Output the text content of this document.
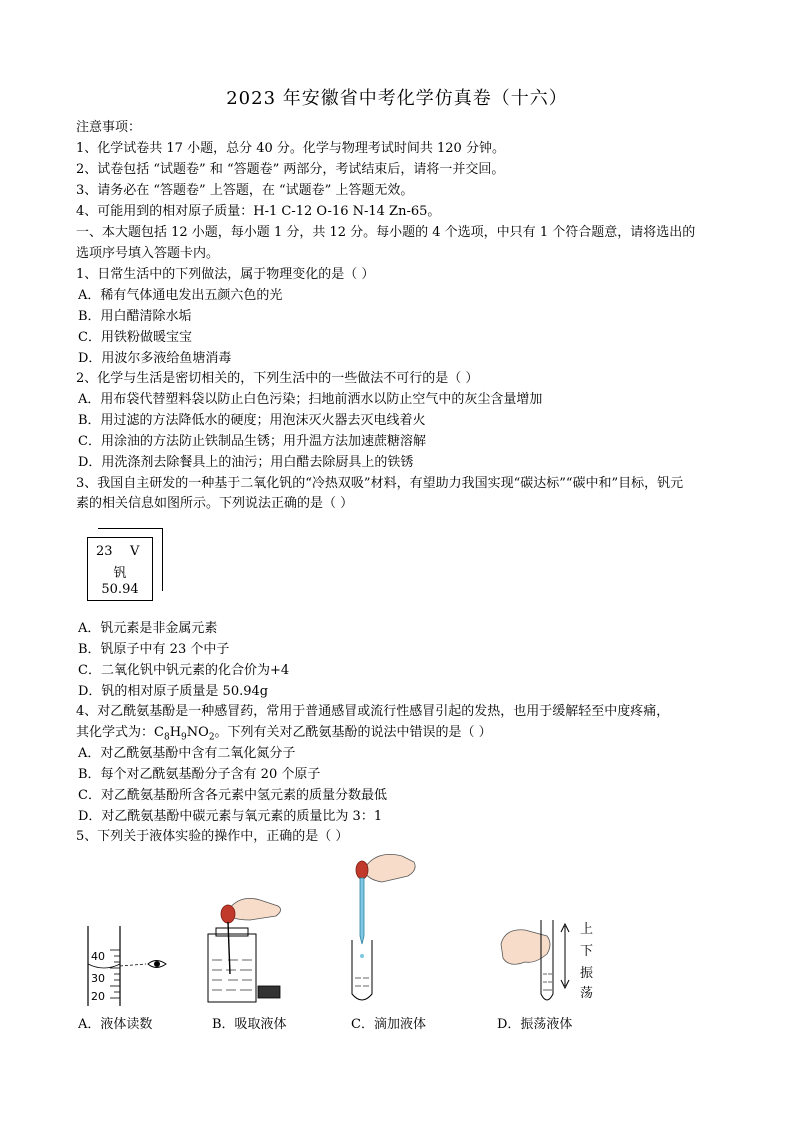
2023 年安徽省中考化学仿真卷（十六）
注意事项：
1、化学试卷共 17 小题，总分 40 分。化学与物理考试时间共 120 分钟。
2、试卷包括 “试题卷” 和 “答题卷” 两部分，考试结束后，请将一并交回。
3、请务必在 “答题卷” 上答题，在 “试题卷” 上答题无效。
4、可能用到的相对原子质量：H-1 C-12 O-16 N-14 Zn-65。
一、本大题包括 12 小题，每小题 1 分，共 12 分。每小题的 4 个选项，中只有 1 个符合题意，请将选出的
选项序号填入答题卡内。
1、日常生活中的下列做法，属于物理变化的是（ ）
A．稀有气体通电发出五颜六色的光
B．用白醋清除水垢
C．用铁粉做暖宝宝
D．用波尔多液给鱼塘消毒
2、化学与生活是密切相关的，下列生活中的一些做法不可行的是（ ）
A．用布袋代替塑料袋以防止白色污染；扫地前洒水以防止空气中的灰尘含量增加
B．用过滤的方法降低水的硬度；用泡沫灭火器去灭电线着火
C．用涂油的方法防止铁制品生锈；用升温方法加速蔗糖溶解
D．用洗涤剂去除餐具上的油污；用白醋去除厨具上的铁锈
3、我国自主研发的一种基于二氧化钒的“冷热双吸”材料，有望助力我国实现“碳达标”“碳中和”目标，钒元
素的相关信息如图所示。下列说法正确的是（ ）
23 V
钒
50.94
A．钒元素是非金属元素
B．钒原子中有 23 个中子
C．二氧化钒中钒元素的化合价为+4
D．钒的相对原子质量是 50.94g
4、对乙酰氨基酚是一种感冒药，常用于普通感冒或流行性感冒引起的发热，也用于缓解轻至中度疼痛，
其化学式为：$C_8H_9NO_2$。下列有关对乙酰氨基酚的说法中错误的是（ ）
A．对乙酰氨基酚中含有二氧化氮分子
B．每个对乙酰氨基酚分子含有 20 个原子
C．对乙酰氨基酚所含各元素中氢元素的质量分数最低
D．对乙酰氨基酚中碳元素与氧元素的质量比为 3：1
5、下列关于液体实验的操作中，正确的是（ ）
40
30
20
上
下
振
荡
A．液体读数	B．吸取液体	C．滴加液体	D．振荡液体
